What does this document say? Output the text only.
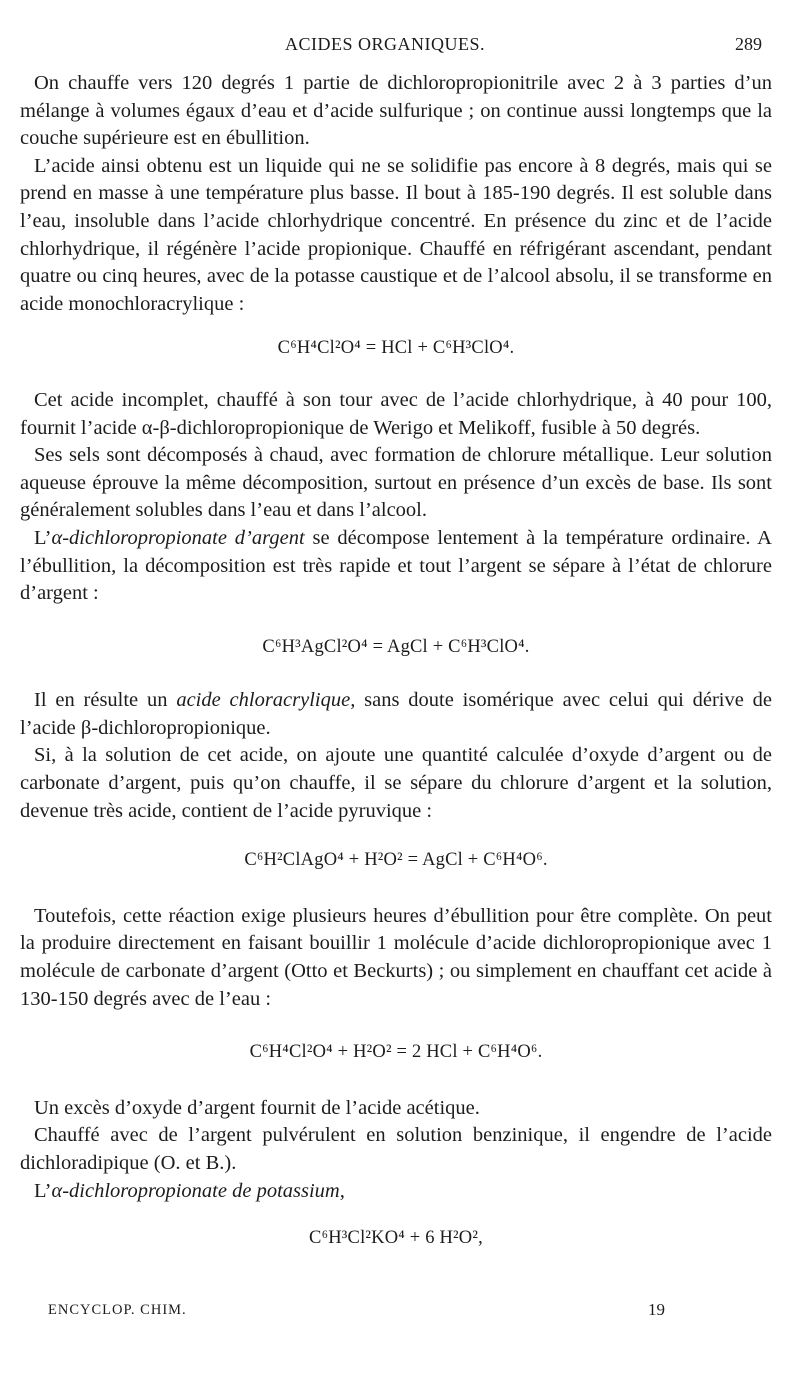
ACIDES ORGANIQUES.	289

On chauffe vers 120 degrés 1 partie de dichloropropionitrile avec 2 à 3 parties d’un mélange à volumes égaux d’eau et d’acide sulfurique ; on continue aussi longtemps que la couche supérieure est en ébullition.

L’acide ainsi obtenu est un liquide qui ne se solidifie pas encore à 8 degrés, mais qui se prend en masse à une température plus basse. Il bout à 185-190 degrés. Il est soluble dans l’eau, insoluble dans l’acide chlorhydrique concentré. En présence du zinc et de l’acide chlorhydrique, il régénère l’acide propionique. Chauffé en réfrigérant ascendant, pendant quatre ou cinq heures, avec de la potasse caustique et de l’alcool absolu, il se transforme en acide monochloracrylique :

C⁶H⁴Cl²O⁴ = HCl + C⁶H³ClO⁴.

Cet acide incomplet, chauffé à son tour avec de l’acide chlorhydrique, à 40 pour 100, fournit l’acide α-β-dichloropropionique de Werigo et Melikoff, fusible à 50 degrés.

Ses sels sont décomposés à chaud, avec formation de chlorure métallique. Leur solution aqueuse éprouve la même décomposition, surtout en présence d’un excès de base. Ils sont généralement solubles dans l’eau et dans l’alcool.

L’α-dichloropropionate d’argent se décompose lentement à la température ordinaire. A l’ébullition, la décomposition est très rapide et tout l’argent se sépare à l’état de chlorure d’argent :

C⁶H³AgCl²O⁴ = AgCl + C⁶H³ClO⁴.

Il en résulte un acide chloracrylique, sans doute isomérique avec celui qui dérive de l’acide β-dichloropropionique.

Si, à la solution de cet acide, on ajoute une quantité calculée d’oxyde d’argent ou de carbonate d’argent, puis qu’on chauffe, il se sépare du chlorure d’argent et la solution, devenue très acide, contient de l’acide pyruvique :

C⁶H²ClAgO⁴ + H²O² = AgCl + C⁶H⁴O⁶.

Toutefois, cette réaction exige plusieurs heures d’ébullition pour être complète. On peut la produire directement en faisant bouillir 1 molécule d’acide dichloropropionique avec 1 molécule de carbonate d’argent (Otto et Beckurts) ; ou simplement en chauffant cet acide à 130-150 degrés avec de l’eau :

C⁶H⁴Cl²O⁴ + H²O² = 2 HCl + C⁶H⁴O⁶.

Un excès d’oxyde d’argent fournit de l’acide acétique.

Chauffé avec de l’argent pulvérulent en solution benzinique, il engendre de l’acide dichloradipique (O. et B.).

L’α-dichloropropionate de potassium,

C⁶H³Cl²KO⁴ + 6 H²O²,

ENCYCLOP. CHIM.	19
